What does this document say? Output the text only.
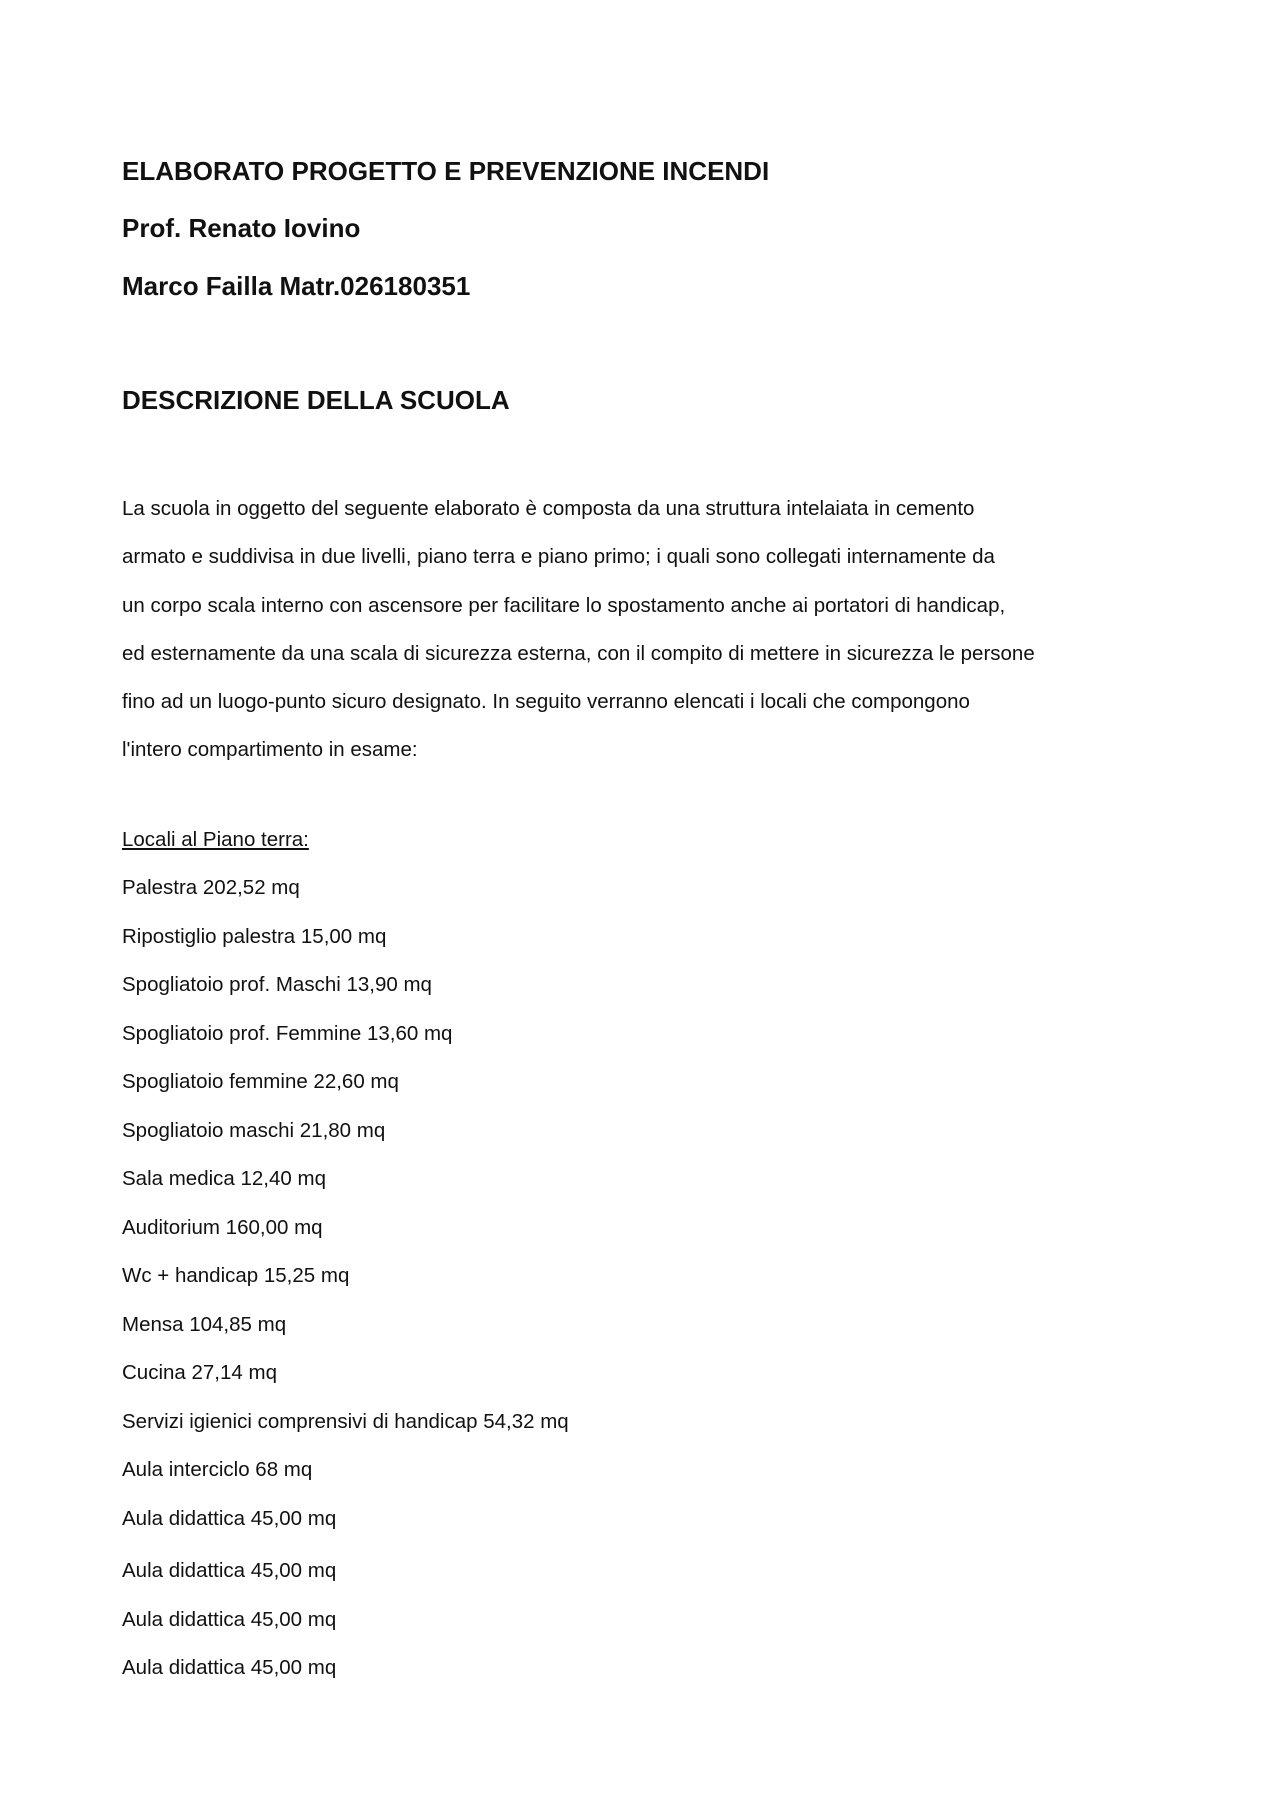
ELABORATO PROGETTO E PREVENZIONE INCENDI
Prof. Renato Iovino
Marco Failla Matr.026180351
DESCRIZIONE DELLA SCUOLA

La scuola in oggetto del seguente elaborato è composta da una struttura intelaiata in cemento
armato e suddivisa in due livelli, piano terra e piano primo; i quali sono collegati internamente da
un corpo scala interno con ascensore per facilitare lo spostamento anche ai portatori di handicap,
ed esternamente da una scala di sicurezza esterna, con il compito di mettere in sicurezza le persone
fino ad un luogo-punto sicuro designato. In seguito verranno elencati i locali che compongono
l'intero compartimento in esame:

Locali al Piano terra:
Palestra 202,52 mq
Ripostiglio palestra 15,00 mq
Spogliatoio prof. Maschi 13,90 mq
Spogliatoio prof. Femmine 13,60 mq
Spogliatoio femmine 22,60 mq
Spogliatoio maschi 21,80 mq
Sala medica 12,40 mq
Auditorium 160,00 mq
Wc + handicap 15,25 mq
Mensa 104,85 mq
Cucina 27,14 mq
Servizi igienici comprensivi di handicap 54,32 mq
Aula interciclo 68 mq
Aula didattica 45,00 mq
Aula didattica 45,00 mq
Aula didattica 45,00 mq
Aula didattica 45,00 mq
